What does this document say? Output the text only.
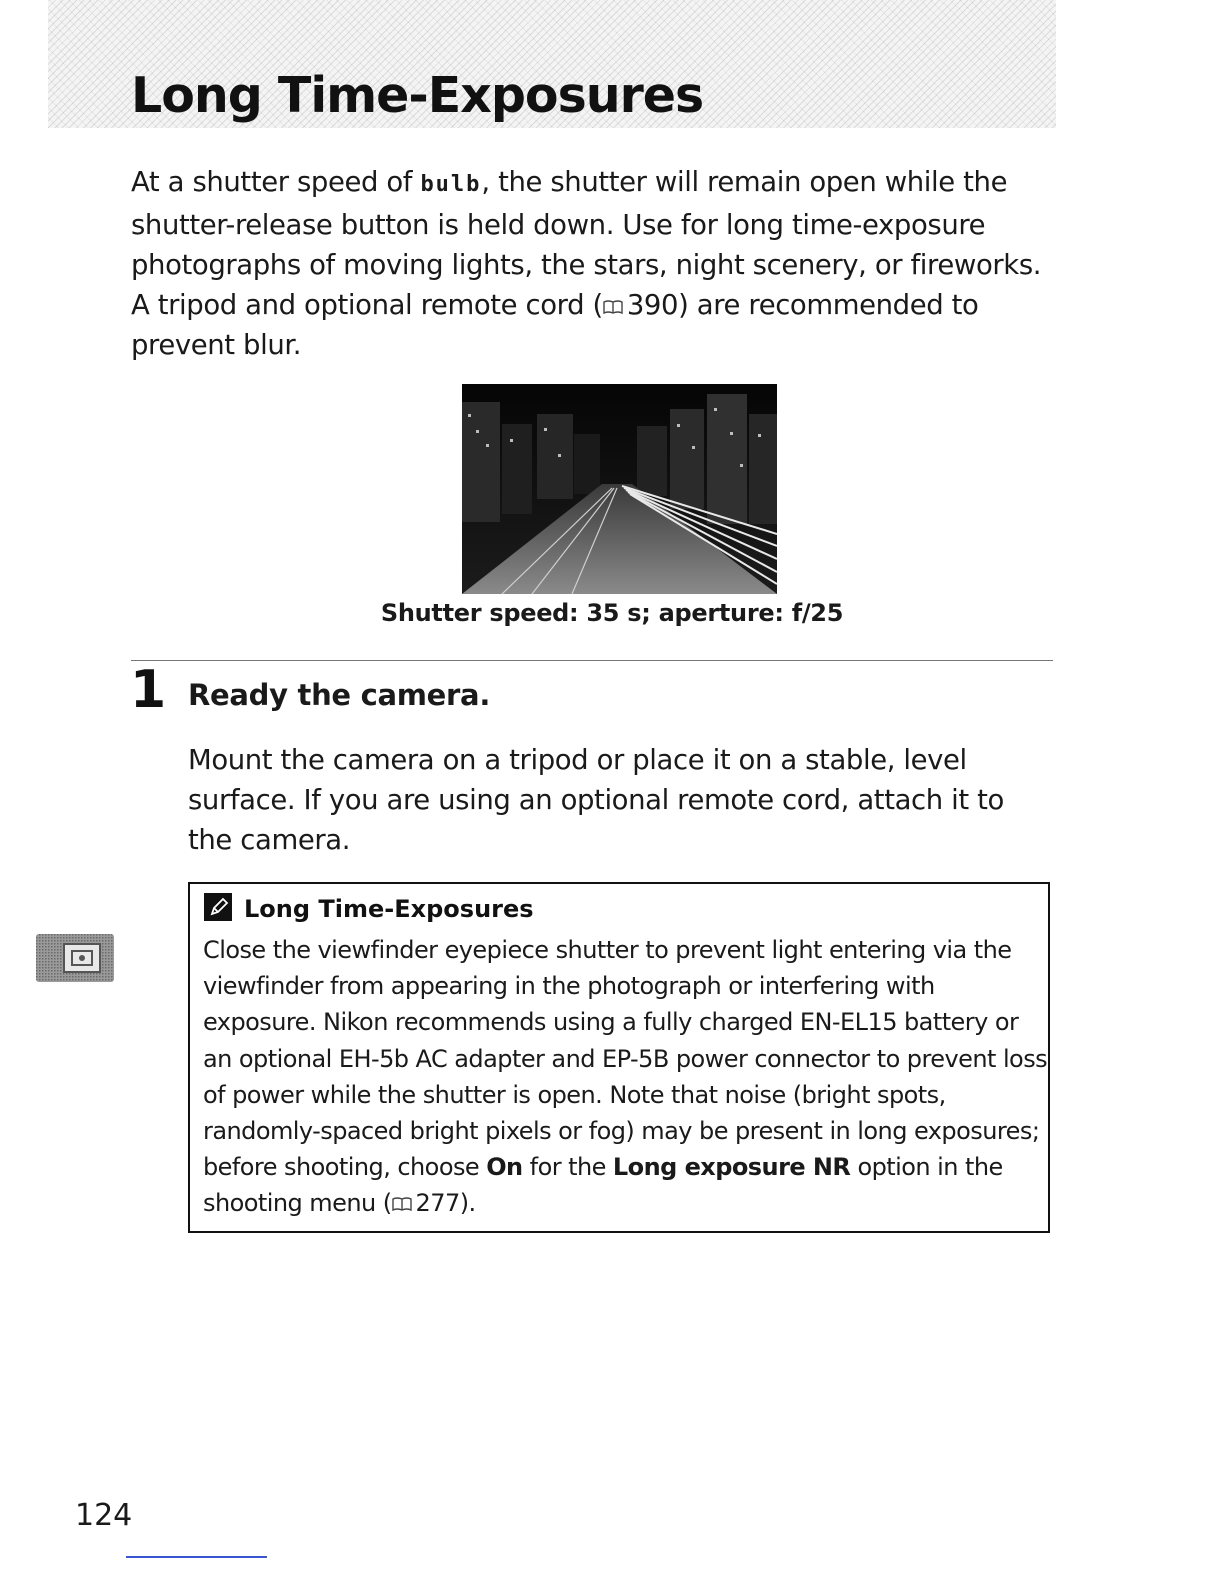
Long Time-Exposures

At a shutter speed of bulb, the shutter will remain open while the shutter-release button is held down. Use for long time-exposure photographs of moving lights, the stars, night scenery, or fireworks. A tripod and optional remote cord ( 390) are recommended to prevent blur.

Shutter speed: 35 s; aperture: f/25
1 Ready the camera.

Mount the camera on a tripod or place it on a stable, level surface. If you are using an optional remote cord, attach it to the camera.

Long Time-Exposures

Close the viewfinder eyepiece shutter to prevent light entering via the viewfinder from appearing in the photograph or interfering with exposure. Nikon recommends using a fully charged EN-EL15 battery or an optional EH-5b AC adapter and EP-5B power connector to prevent loss of power while the shutter is open. Note that noise (bright spots, randomly-spaced bright pixels or fog) may be present in long exposures; before shooting, choose On for the Long exposure NR option in the shooting menu ( 277).

124
